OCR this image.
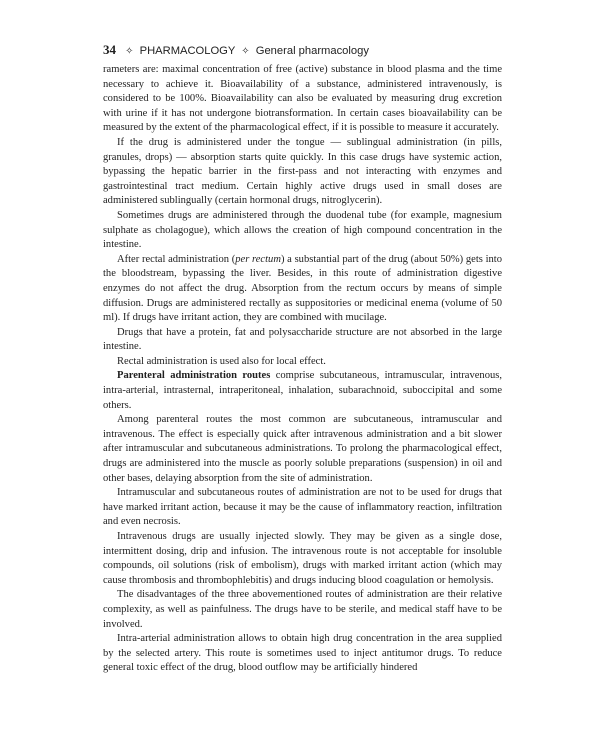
34 ✧ PHARMACOLOGY ✧ General pharmacology

rameters are: maximal concentration of free (active) substance in blood plasma and the time necessary to achieve it. Bioavailability of a substance, administered intravenously, is considered to be 100%. Bioavailability can also be evaluated by measuring drug excretion with urine if it has not undergone biotransformation. In certain cases bioavailability can be measured by the extent of the pharmacological effect, if it is possible to measure it accurately.

If the drug is administered under the tongue — sublingual administration (in pills, granules, drops) — absorption starts quite quickly. In this case drugs have systemic action, bypassing the hepatic barrier in the first-pass and not interacting with enzymes and gastrointestinal tract medium. Certain highly active drugs used in small doses are administered sublingually (certain hormonal drugs, nitroglycerin).

Sometimes drugs are administered through the duodenal tube (for example, magnesium sulphate as cholagogue), which allows the creation of high compound concentration in the intestine.

After rectal administration (per rectum) a substantial part of the drug (about 50%) gets into the bloodstream, bypassing the liver. Besides, in this route of administration digestive enzymes do not affect the drug. Absorption from the rectum occurs by means of simple diffusion. Drugs are administered rectally as suppositories or medicinal enema (volume of 50 ml). If drugs have irritant action, they are combined with mucilage.

Drugs that have a protein, fat and polysaccharide structure are not absorbed in the large intestine.

Rectal administration is used also for local effect.

Parenteral administration routes comprise subcutaneous, intramuscular, intravenous, intra-arterial, intrasternal, intraperitoneal, inhalation, subarachnoid, suboccipital and some others.

Among parenteral routes the most common are subcutaneous, intramuscular and intravenous. The effect is especially quick after intravenous administration and a bit slower after intramuscular and subcutaneous administrations. To prolong the pharmacological effect, drugs are administered into the muscle as poorly soluble preparations (suspension) in oil and other bases, delaying absorption from the site of administration.

Intramuscular and subcutaneous routes of administration are not to be used for drugs that have marked irritant action, because it may be the cause of inflammatory reaction, infiltration and even necrosis.

Intravenous drugs are usually injected slowly. They may be given as a single dose, intermittent dosing, drip and infusion. The intravenous route is not acceptable for insoluble compounds, oil solutions (risk of embolism), drugs with marked irritant action (which may cause thrombosis and thrombophlebitis) and drugs inducing blood coagulation or hemolysis.

The disadvantages of the three abovementioned routes of administration are their relative complexity, as well as painfulness. The drugs have to be sterile, and medical staff have to be involved.

Intra-arterial administration allows to obtain high drug concentration in the area supplied by the selected artery. This route is sometimes used to inject antitumor drugs. To reduce general toxic effect of the drug, blood outflow may be artificially hindered
